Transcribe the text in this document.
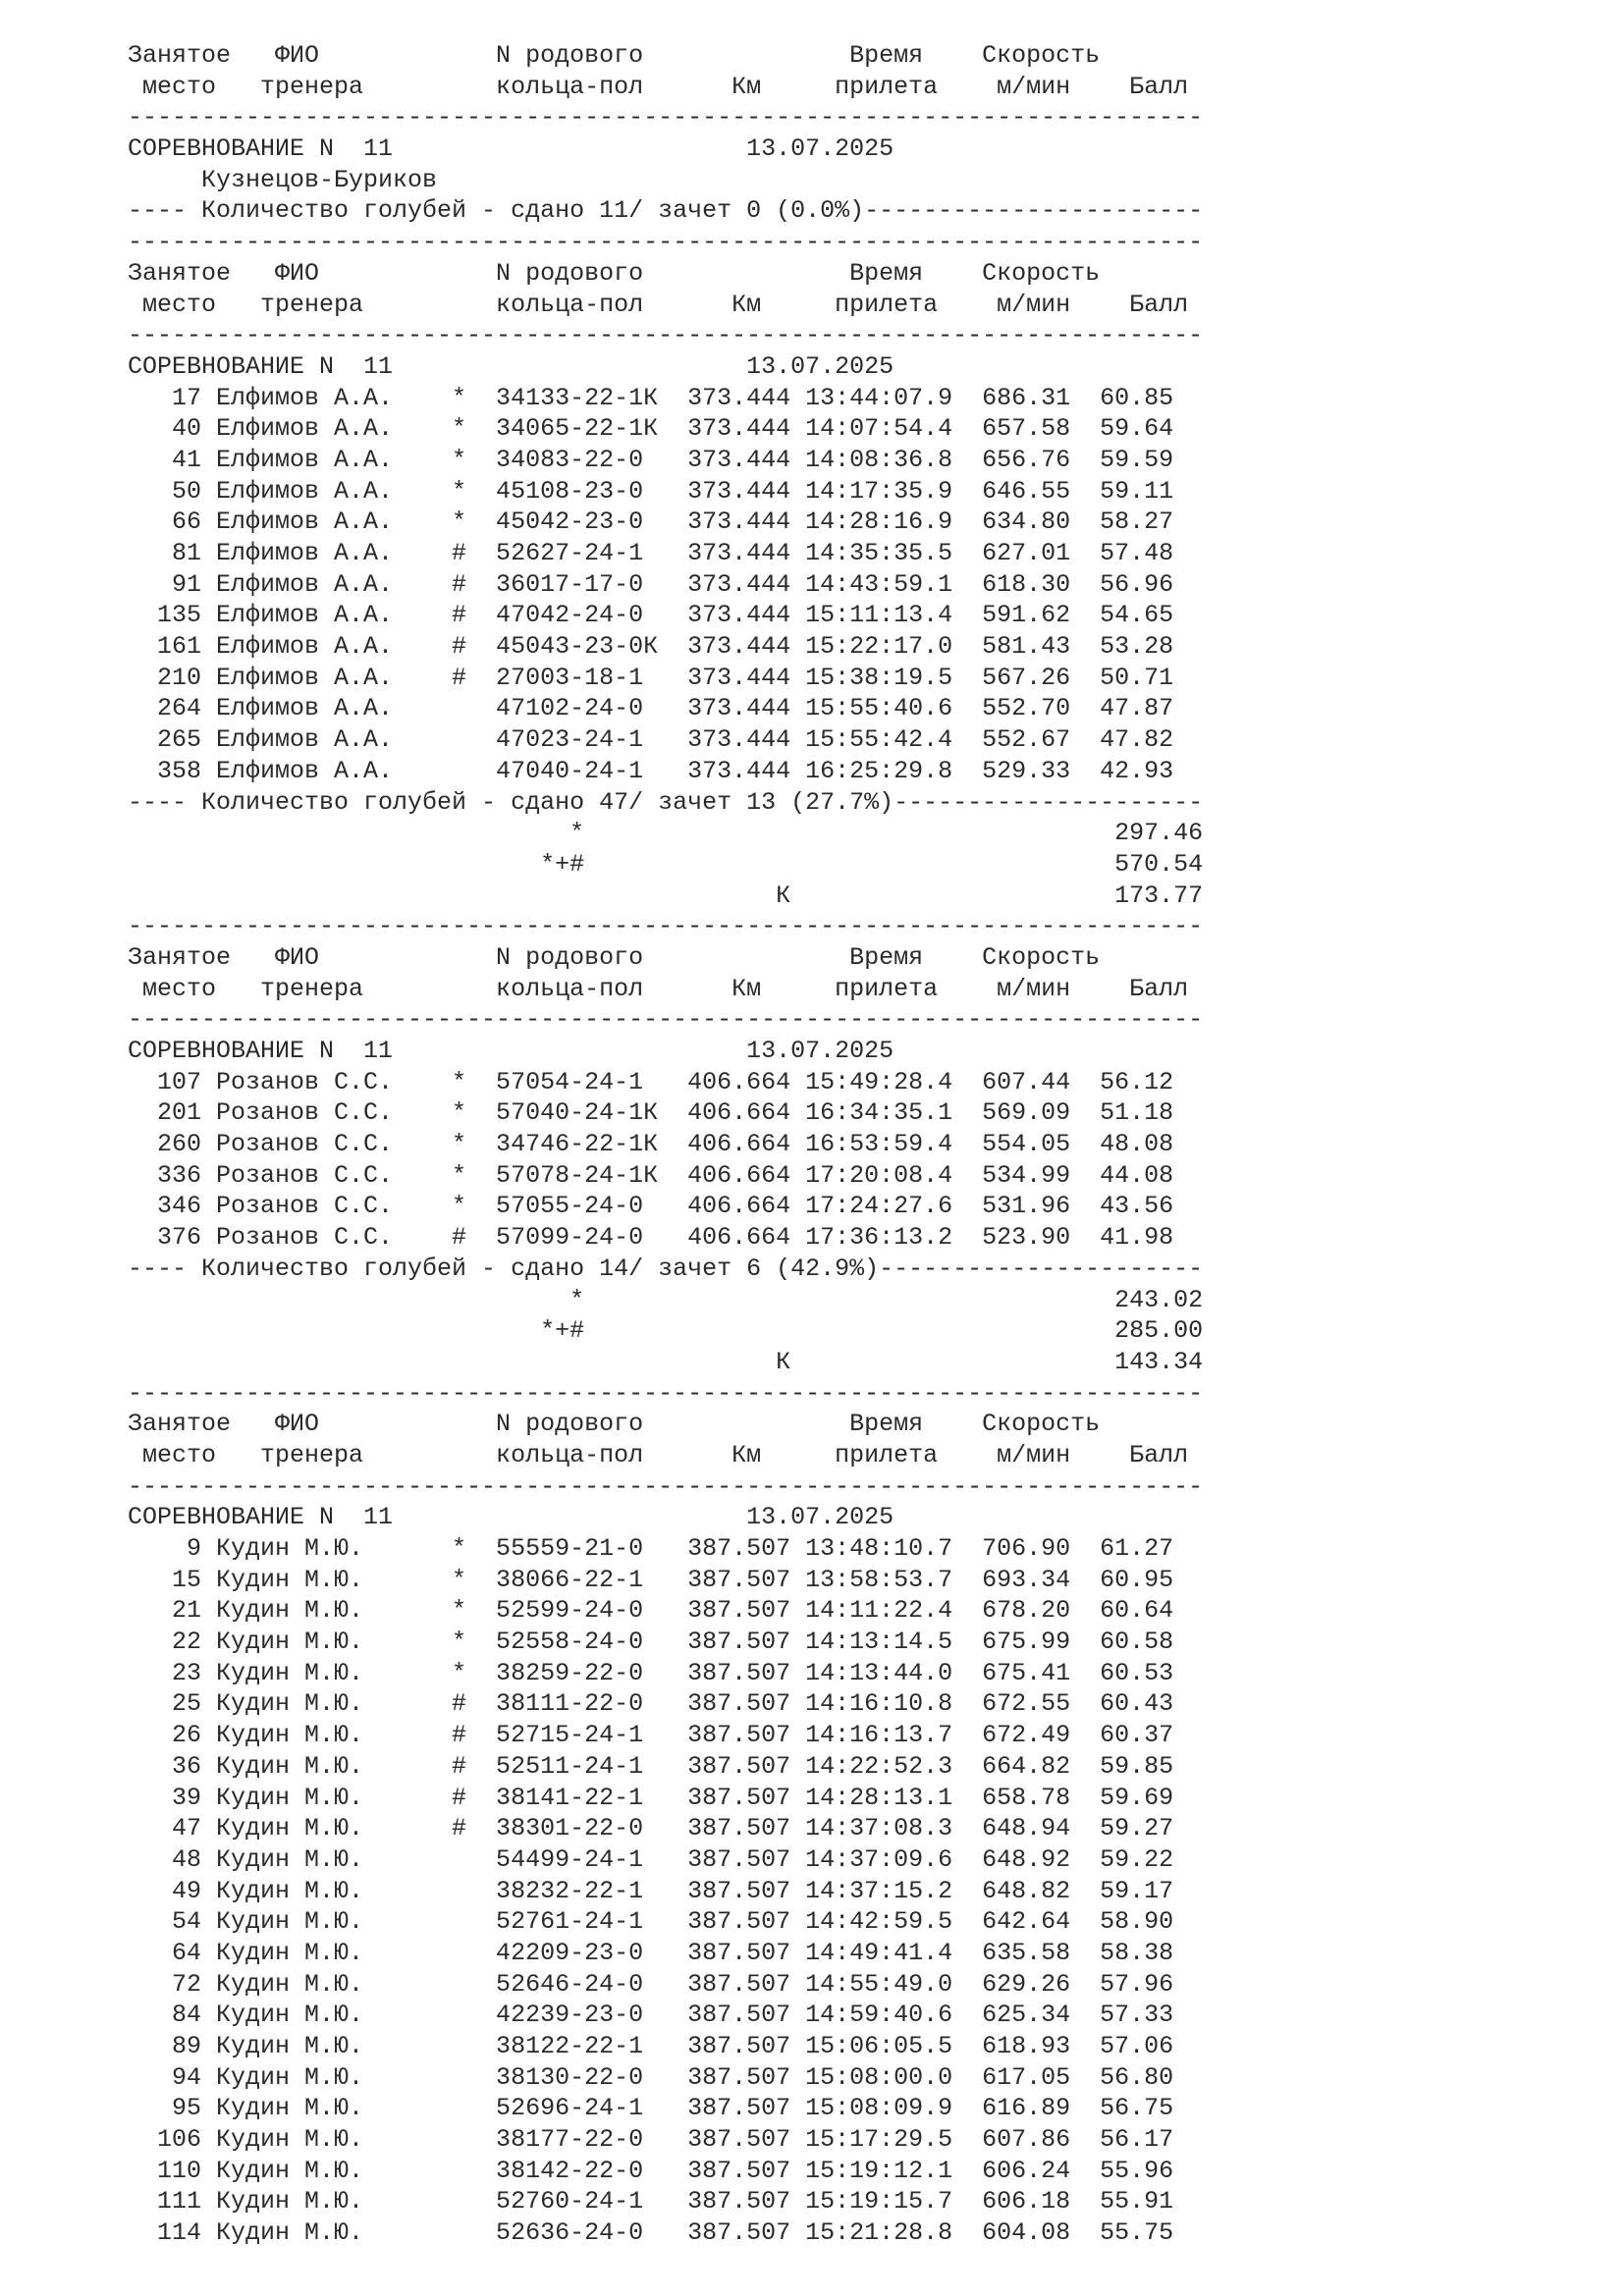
Занятое   ФИО            N родового              Время    Скорость
место   тренера         кольца-пол      Км     прилета    м/мин    Балл
-------------------------------------------------------------------------
СОРЕВНОВАНИЕ N  11                        13.07.2025
Кузнецов-Буриков
---- Количество голубей - сдано 11/ зачет 0 (0.0%)-----------------------
-------------------------------------------------------------------------
Занятое   ФИО            N родового              Время    Скорость
место   тренера         кольца-пол      Км     прилета    м/мин    Балл
-------------------------------------------------------------------------
СОРЕВНОВАНИЕ N  11                        13.07.2025
17 Елфимов А.А.    *  34133-22-1К  373.444 13:44:07.9  686.31  60.85
40 Елфимов А.А.    *  34065-22-1К  373.444 14:07:54.4  657.58  59.64
41 Елфимов А.А.    *  34083-22-0   373.444 14:08:36.8  656.76  59.59
50 Елфимов А.А.    *  45108-23-0   373.444 14:17:35.9  646.55  59.11
66 Елфимов А.А.    *  45042-23-0   373.444 14:28:16.9  634.80  58.27
81 Елфимов А.А.    #  52627-24-1   373.444 14:35:35.5  627.01  57.48
91 Елфимов А.А.    #  36017-17-0   373.444 14:43:59.1  618.30  56.96
135 Елфимов А.А.    #  47042-24-0   373.444 15:11:13.4  591.62  54.65
161 Елфимов А.А.    #  45043-23-0К  373.444 15:22:17.0  581.43  53.28
210 Елфимов А.А.    #  27003-18-1   373.444 15:38:19.5  567.26  50.71
264 Елфимов А.А.       47102-24-0   373.444 15:55:40.6  552.70  47.87
265 Елфимов А.А.       47023-24-1   373.444 15:55:42.4  552.67  47.82
358 Елфимов А.А.       47040-24-1   373.444 16:25:29.8  529.33  42.93
---- Количество голубей - сдано 47/ зачет 13 (27.7%)---------------------
*                                    297.46
*+#                                    570.54
К                      173.77
-------------------------------------------------------------------------
Занятое   ФИО            N родового              Время    Скорость
место   тренера         кольца-пол      Км     прилета    м/мин    Балл
-------------------------------------------------------------------------
СОРЕВНОВАНИЕ N  11                        13.07.2025
107 Розанов С.С.    *  57054-24-1   406.664 15:49:28.4  607.44  56.12
201 Розанов С.С.    *  57040-24-1К  406.664 16:34:35.1  569.09  51.18
260 Розанов С.С.    *  34746-22-1К  406.664 16:53:59.4  554.05  48.08
336 Розанов С.С.    *  57078-24-1К  406.664 17:20:08.4  534.99  44.08
346 Розанов С.С.    *  57055-24-0   406.664 17:24:27.6  531.96  43.56
376 Розанов С.С.    #  57099-24-0   406.664 17:36:13.2  523.90  41.98
---- Количество голубей - сдано 14/ зачет 6 (42.9%)----------------------
*                                    243.02
*+#                                    285.00
К                      143.34
-------------------------------------------------------------------------
Занятое   ФИО            N родового              Время    Скорость
место   тренера         кольца-пол      Км     прилета    м/мин    Балл
-------------------------------------------------------------------------
СОРЕВНОВАНИЕ N  11                        13.07.2025
9 Кудин М.Ю.      *  55559-21-0   387.507 13:48:10.7  706.90  61.27
15 Кудин М.Ю.      *  38066-22-1   387.507 13:58:53.7  693.34  60.95
21 Кудин М.Ю.      *  52599-24-0   387.507 14:11:22.4  678.20  60.64
22 Кудин М.Ю.      *  52558-24-0   387.507 14:13:14.5  675.99  60.58
23 Кудин М.Ю.      *  38259-22-0   387.507 14:13:44.0  675.41  60.53
25 Кудин М.Ю.      #  38111-22-0   387.507 14:16:10.8  672.55  60.43
26 Кудин М.Ю.      #  52715-24-1   387.507 14:16:13.7  672.49  60.37
36 Кудин М.Ю.      #  52511-24-1   387.507 14:22:52.3  664.82  59.85
39 Кудин М.Ю.      #  38141-22-1   387.507 14:28:13.1  658.78  59.69
47 Кудин М.Ю.      #  38301-22-0   387.507 14:37:08.3  648.94  59.27
48 Кудин М.Ю.         54499-24-1   387.507 14:37:09.6  648.92  59.22
49 Кудин М.Ю.         38232-22-1   387.507 14:37:15.2  648.82  59.17
54 Кудин М.Ю.         52761-24-1   387.507 14:42:59.5  642.64  58.90
64 Кудин М.Ю.         42209-23-0   387.507 14:49:41.4  635.58  58.38
72 Кудин М.Ю.         52646-24-0   387.507 14:55:49.0  629.26  57.96
84 Кудин М.Ю.         42239-23-0   387.507 14:59:40.6  625.34  57.33
89 Кудин М.Ю.         38122-22-1   387.507 15:06:05.5  618.93  57.06
94 Кудин М.Ю.         38130-22-0   387.507 15:08:00.0  617.05  56.80
95 Кудин М.Ю.         52696-24-1   387.507 15:08:09.9  616.89  56.75
106 Кудин М.Ю.         38177-22-0   387.507 15:17:29.5  607.86  56.17
110 Кудин М.Ю.         38142-22-0   387.507 15:19:12.1  606.24  55.96
111 Кудин М.Ю.         52760-24-1   387.507 15:19:15.7  606.18  55.91
114 Кудин М.Ю.         52636-24-0   387.507 15:21:28.8  604.08  55.75
